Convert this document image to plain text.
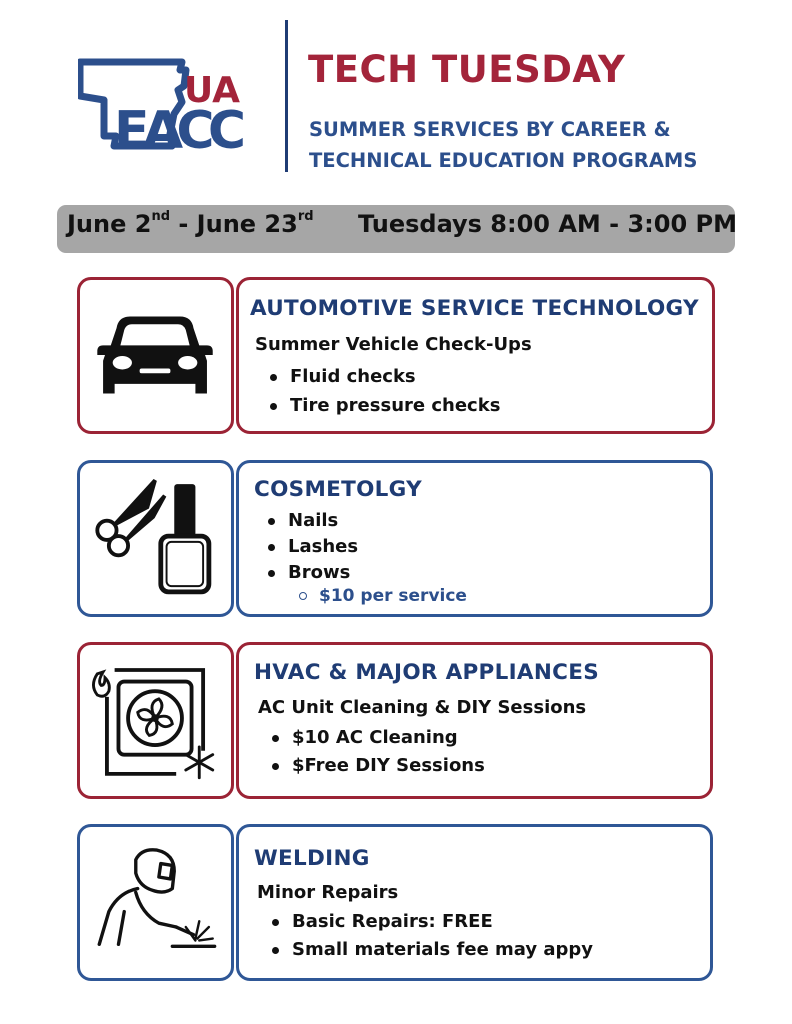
UA
EACC
TECH TUESDAY
SUMMER SERVICES BY CAREER &
TECHNICAL EDUCATION PROGRAMS
June 2nd - June 23rd Tuesdays 8:00 AM - 3:00 PM
AUTOMOTIVE SERVICE TECHNOLOGY
Summer Vehicle Check-Ups
Fluid checks
Tire pressure checks
COSMETOLGY
Nails
Lashes
Brows
$10 per service
HVAC & MAJOR APPLIANCES
AC Unit Cleaning & DIY Sessions
$10 AC Cleaning
$Free DIY Sessions
WELDING
Minor Repairs
Basic Repairs: FREE
Small materials fee may appy
